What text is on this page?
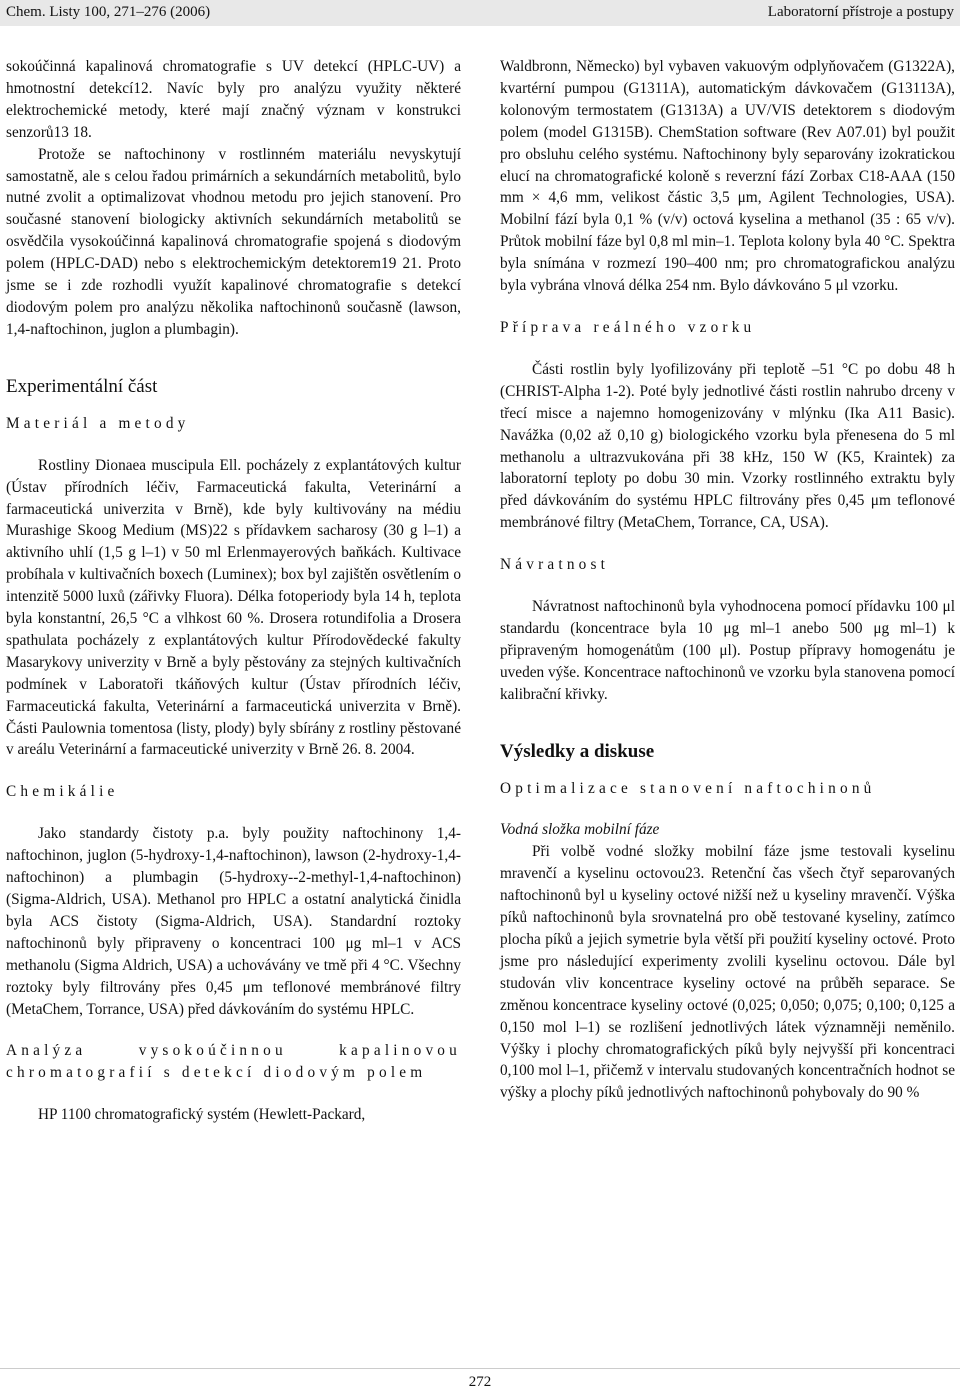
Chem. Listy 100, 271–276 (2006)	Laboratorní přístroje a postupy

sokoúčinná kapalinová chromatografie s UV detekcí (HPLC-UV) a hmotnostní detekcí12. Navíc byly pro analýzu využity některé elektrochemické metody, které mají značný význam v konstrukci senzorů13 18.

Protože se naftochinony v rostlinném materiálu nevyskytují samostatně, ale s celou řadou primárních a sekundárních metabolitů, bylo nutné zvolit a optimalizovat vhodnou metodu pro jejich stanovení. Pro současné stanovení biologicky aktivních sekundárních metabolitů se osvědčila vysokoúčinná kapalinová chromatografie spojená s diodovým polem (HPLC-DAD) nebo s elektrochemickým detektorem19 21. Proto jsme se i zde rozhodli využít kapalinové chromatografie s detekcí diodovým polem pro analýzu několika naftochinonů současně (lawson, 1,4-naftochinon, juglon a plumbagin).

Experimentální část

Materiál a metody

Rostliny Dionaea muscipula Ell. pocházely z explantátových kultur (Ústav přírodních léčiv, Farmaceutická fakulta, Veterinární a farmaceutická univerzita v Brně), kde byly kultivovány na médiu Murashige Skoog Medium (MS)22 s přídavkem sacharosy (30 g l–1) a aktivního uhlí (1,5 g l–1) v 50 ml Erlenmayerových baňkách. Kultivace probíhala v kultivačních boxech (Luminex); box byl zajištěn osvětlením o intenzitě 5000 luxů (zářivky Fluora). Délka fotoperiody byla 14 h, teplota byla konstantní, 26,5 °C a vlhkost 60 %. Drosera rotundifolia a Drosera spathulata pocházely z explantátových kultur Přírodovědecké fakulty Masarykovy univerzity v Brně a byly pěstovány za stejných kultivačních podmínek v Laboratoři tkáňových kultur (Ústav přírodních léčiv, Farmaceutická fakulta, Veterinární a farmaceutická univerzita v Brně). Části Paulownia tomentosa (listy, plody) byly sbírány z rostliny pěstované v areálu Veterinární a farmaceutické univerzity v Brně 26. 8. 2004.

Chemikálie

Jako standardy čistoty p.a. byly použity naftochinony 1,4-naftochinon, juglon (5-hydroxy-1,4-naftochinon), lawson (2-hydroxy-1,4-naftochinon) a plumbagin (5-hydroxy--2-methyl-1,4-naftochinon) (Sigma-Aldrich, USA). Methanol pro HPLC a ostatní analytická činidla byla ACS čistoty (Sigma-Aldrich, USA). Standardní roztoky naftochinonů byly připraveny o koncentraci 100 μg ml–1 v ACS methanolu (Sigma Aldrich, USA) a uchovávány ve tmě při 4 °C. Všechny roztoky byly filtrovány přes 0,45 μm teflonové membránové filtry (MetaChem, Torrance, USA) před dávkováním do systému HPLC.

Analýza vysokoúčinnou kapalinovou chromatografií s detekcí diodovým polem

HP 1100 chromatografický systém (Hewlett-Packard,

Waldbronn, Německo) byl vybaven vakuovým odplyňovačem (G1322A), kvartérní pumpou (G1311A), automatickým dávkovačem (G13113A), kolonovým termostatem (G1313A) a UV/VIS detektorem s diodovým polem (model G1315B). ChemStation software (Rev A07.01) byl použit pro obsluhu celého systému. Naftochinony byly separovány izokratickou elucí na chromatografické koloně s reverzní fází Zorbax C18-AAA (150 mm × 4,6 mm, velikost částic 3,5 μm, Agilent Technologies, USA). Mobilní fází byla 0,1 % (v/v) octová kyselina a methanol (35 : 65 v/v). Průtok mobilní fáze byl 0,8 ml min–1. Teplota kolony byla 40 °C. Spektra byla snímána v rozmezí 190–400 nm; pro chromatografickou analýzu byla vybrána vlnová délka 254 nm. Bylo dávkováno 5 μl vzorku.

Příprava reálného vzorku

Části rostlin byly lyofilizovány při teplotě –51 °C po dobu 48 h (CHRIST-Alpha 1-2). Poté byly jednotlivé části rostlin nahrubo drceny v třecí misce a najemno homogenizovány v mlýnku (Ika A11 Basic). Navážka (0,02 až 0,10 g) biologického vzorku byla přenesena do 5 ml methanolu a ultrazvukována při 38 kHz, 150 W (K5, Kraintek) za laboratorní teploty po dobu 30 min. Vzorky rostlinného extraktu byly před dávkováním do systému HPLC filtrovány přes 0,45 μm teflonové membránové filtry (MetaChem, Torrance, CA, USA).

Návratnost

Návratnost naftochinonů byla vyhodnocena pomocí přídavku 100 μl standardu (koncentrace byla 10 μg ml–1 anebo 500 μg ml–1) k připraveným homogenátům (100 μl). Postup přípravy homogenátu je uveden výše. Koncentrace naftochinonů ve vzorku byla stanovena pomocí kalibrační křivky.

Výsledky a diskuse

Optimalizace stanovení naftochinonů

Vodná složka mobilní fáze

Při volbě vodné složky mobilní fáze jsme testovali kyselinu mravenčí a kyselinu octovou23. Retenční čas všech čtyř separovaných naftochinonů byl u kyseliny octové nižší než u kyseliny mravenčí. Výška píků naftochinonů byla srovnatelná pro obě testované kyseliny, zatímco plocha píků a jejich symetrie byla větší při použití kyseliny octové. Proto jsme pro následující experimenty zvolili kyselinu octovou. Dále byl studován vliv koncentrace kyseliny octové na průběh separace. Se změnou koncentrace kyseliny octové (0,025; 0,050; 0,075; 0,100; 0,125 a 0,150 mol l–1) se rozlišení jednotlivých látek významněji neměnilo. Výšky i plochy chromatografických píků byly nejvyšší při koncentraci 0,100 mol l–1, přičemž v intervalu studovaných koncentračních hodnot se výšky a plochy píků jednotlivých naftochinonů pohybovaly do 90 %

272
